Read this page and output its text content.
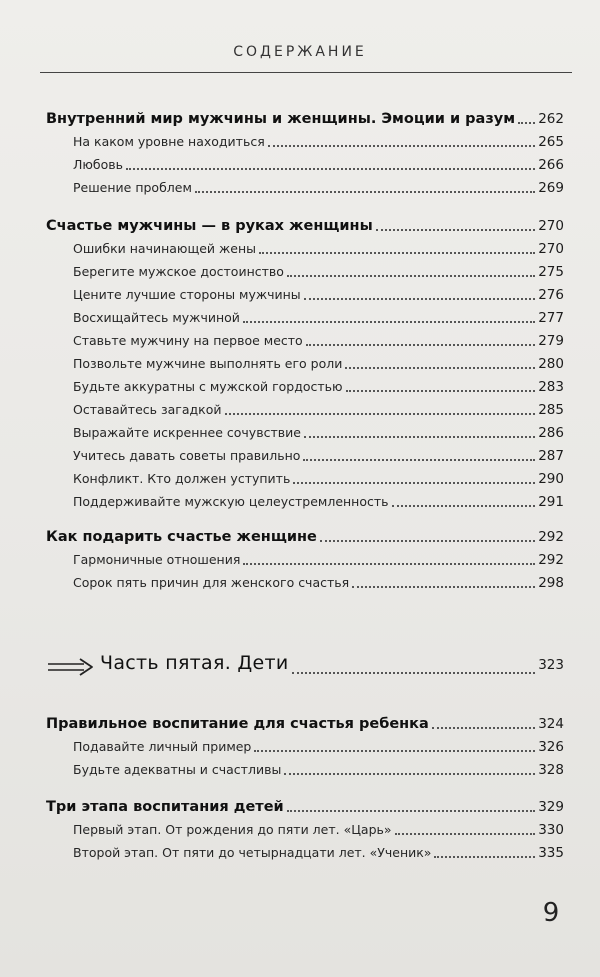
СОДЕРЖАНИЕ
Внутренний мир мужчины и женщины. Эмоции и разум 262
На каком уровне находиться	265
Любовь	266
Решение проблем	269
Счастье мужчины — в руках женщины	270
Ошибки начинающей жены	270
Берегите мужское достоинство	275
Цените лучшие стороны мужчины	276
Восхищайтесь мужчиной	277
Ставьте мужчину на первое место	279
Позвольте мужчине выполнять его роли	280
Будьте аккуратны с мужской гордостью	283
Оставайтесь загадкой	285
Выражайте искреннее сочувствие	286
Учитесь давать советы правильно	287
Конфликт. Кто должен уступить	290
Поддерживайте мужскую целеустремленность	291
Как подарить счастье женщине	292
Гармоничные отношения	292
Сорок пять причин для женского счастья	298
Часть пятая. Дети	323
Правильное воспитание для счастья ребенка	324
Подавайте личный пример	326
Будьте адекватны и счастливы	328
Три этапа воспитания детей	329
Первый этап. От рождения до пяти лет. «Царь»	330
Второй этап. От пяти до четырнадцати лет. «Ученик»	335
9
